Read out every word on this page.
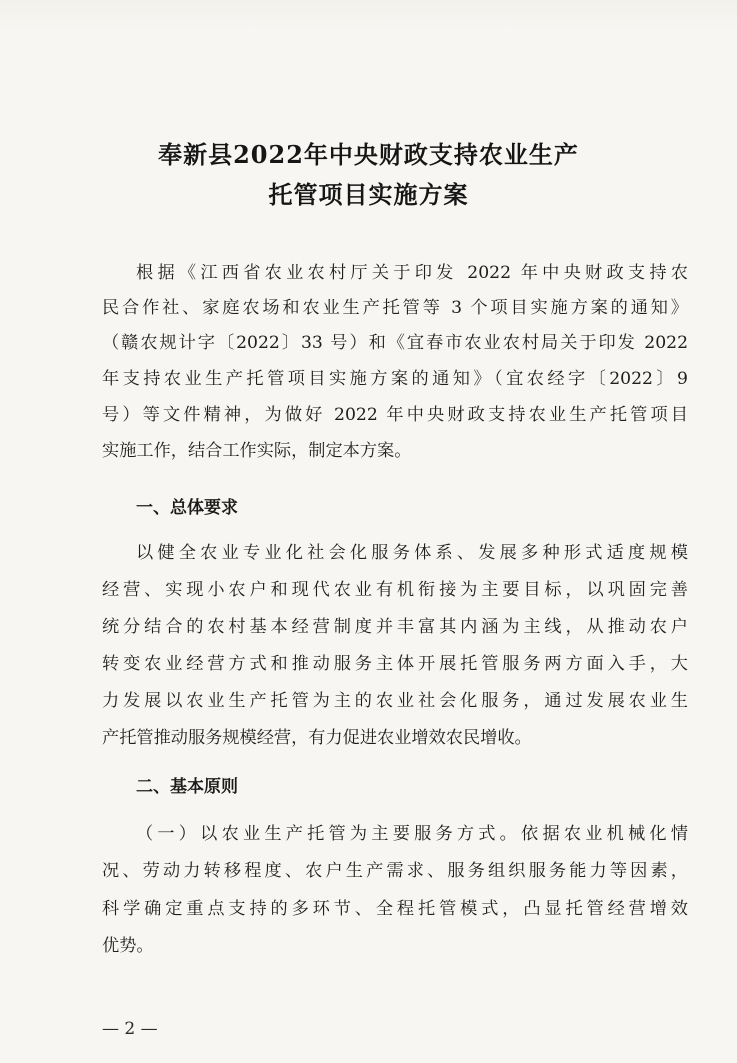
奉新县2022年中央财政支持农业生产
托管项目实施方案
根据《江西省农业农村厅关于印发 2022 年中央财政支持农
民合作社、家庭农场和农业生产托管等 3 个项目实施方案的通知》
（赣农规计字〔2022〕33 号）和《宜春市农业农村局关于印发 2022
年支持农业生产托管项目实施方案的通知》（宜农经字〔2022〕9
号）等文件精神，为做好 2022 年中央财政支持农业生产托管项目
实施工作，结合工作实际，制定本方案。
一、总体要求
以健全农业专业化社会化服务体系、发展多种形式适度规模
经营、实现小农户和现代农业有机衔接为主要目标，以巩固完善
统分结合的农村基本经营制度并丰富其内涵为主线，从推动农户
转变农业经营方式和推动服务主体开展托管服务两方面入手，大
力发展以农业生产托管为主的农业社会化服务，通过发展农业生
产托管推动服务规模经营，有力促进农业增效农民增收。
二、基本原则
（一）以农业生产托管为主要服务方式。依据农业机械化情
况、劳动力转移程度、农户生产需求、服务组织服务能力等因素，
科学确定重点支持的多环节、全程托管模式，凸显托管经营增效
优势。
— 2 —
